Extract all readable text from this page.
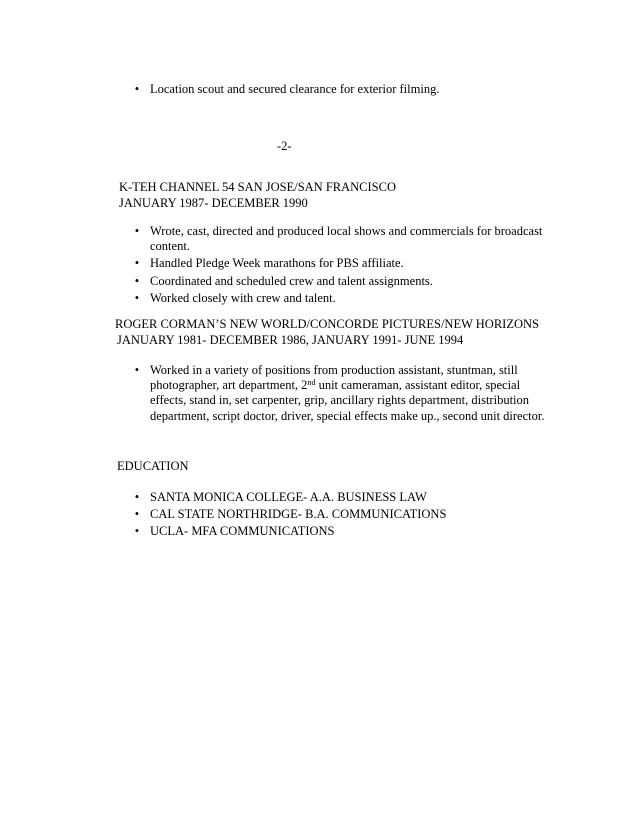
• Location scout and secured clearance for exterior filming.
-2-
K-TEH CHANNEL 54 SAN JOSE/SAN FRANCISCO
JANUARY 1987- DECEMBER 1990
• Wrote, cast, directed and produced local shows and commercials for broadcast content.
• Handled Pledge Week marathons for PBS affiliate.
• Coordinated and scheduled crew and talent assignments.
• Worked closely with crew and talent.
ROGER CORMAN’S NEW WORLD/CONCORDE PICTURES/NEW HORIZONS
JANUARY 1981- DECEMBER 1986, JANUARY 1991- JUNE 1994
• Worked in a variety of positions from production assistant, stuntman, still photographer, art department, 2nd unit cameraman, assistant editor, special effects, stand in, set carpenter, grip, ancillary rights department, distribution department, script doctor, driver, special effects make up., second unit director.
EDUCATION
• SANTA MONICA COLLEGE- A.A. BUSINESS LAW
• CAL STATE NORTHRIDGE- B.A. COMMUNICATIONS
• UCLA- MFA COMMUNICATIONS
